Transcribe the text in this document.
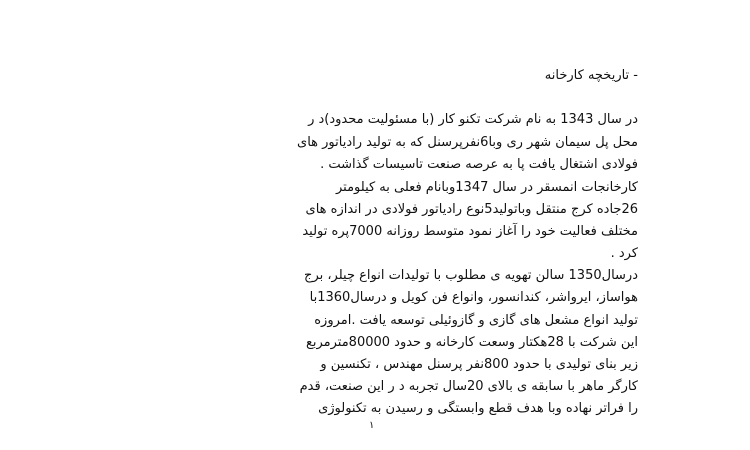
- تاریخچه کارخانه
در سال 1343 به نام شرکت تکنو کار (با مسئولیت محدود)د ر
محل پل سیمان شهر ری وبا6نفرپرسنل که به تولید رادیاتور های
فولادی اشتغال یافت پا به عرصه صنعت تاسیسات گذاشت .
کارخانجات انمسقر در سال 1347وبانام فعلی به کیلومتر
26جاده کرج منتقل وباتولید5نوع رادیاتور فولادی در اندازه های
مختلف فعالیت خود را آغاز نمود متوسط روزانه 7000پره تولید
کرد .
درسال1350 سالن تهویه ی مطلوب با تولیدات انواع چیلر، برج
هواساز، ایرواشر، کندانسور، وانواع فن کویل و درسال1360با
تولید انواع مشعل های گازی و گازوئیلی توسعه یافت .امروزه
این شرکت با 28هکتار وسعت کارخانه و حدود 80000مترمربع
زیر بنای تولیدی با حدود 800نفر پرسنل مهندس ، تکنسین و
کارگر ماهر با سابقه ی بالای 20سال تجربه د ر این صنعت، قدم
را فراتر نهاده وبا هدف قطع وابستگی و رسیدن به تکنولوژی
۱
